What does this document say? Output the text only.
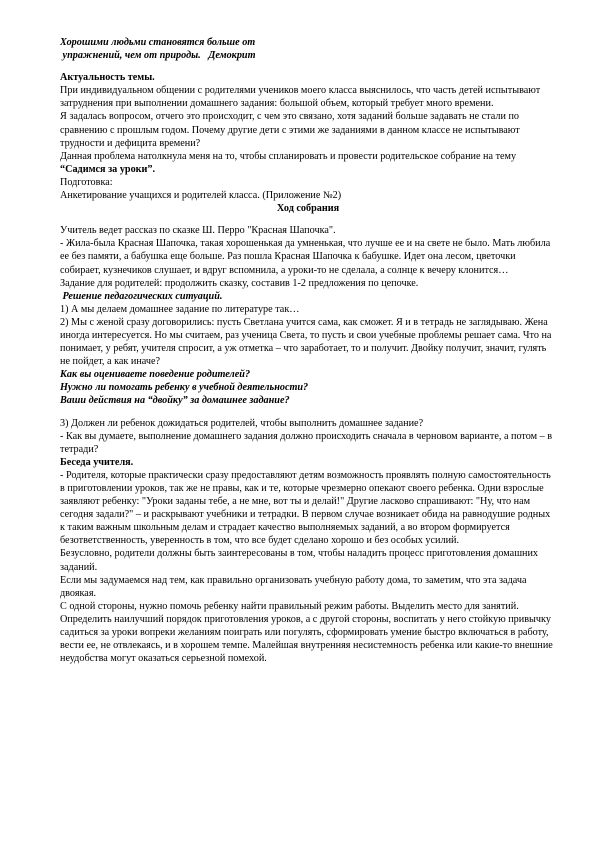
Хорошими людьми становятся больше от

упражнений, чем от природы. Демокрит

Актуальность темы.

При индивидуальном общении с родителями учеников моего класса выяснилось, что часть детей испытывают затруднения при выполнении домашнего задания: большой объем, который требует много времени.

Я задалась вопросом, отчего это происходит, с чем это связано, хотя заданий больше задавать не стали по сравнению с прошлым годом. Почему другие дети с этими же заданиями в данном классе не испытывают трудности и дефицита времени?

Данная проблема натолкнула меня на то, чтобы спланировать и провести родительское собрание на тему “Садимся за уроки”.

Подготовка:

Анкетирование учащихся и родителей класса. (Приложение №2)

Ход собрания

Учитель ведет рассказ по сказке Ш. Перро "Красная Шапочка".

- Жила-была Красная Шапочка, такая хорошенькая да умненькая, что лучше ее и на свете не было. Мать любила ее без памяти, а бабушка еще больше. Раз пошла Красная Шапочка к бабушке. Идет она лесом, цветочки собирает, кузнечиков слушает, и вдруг вспомнила, а уроки-то не сделала, а солнце к вечеру клонится…

Задание для родителей: продолжить сказку, составив 1-2 предложения по цепочке.

Решение педагогических ситуаций.

1) А мы делаем домашнее задание по литературе так…

2) Мы с женой сразу договорились: пусть Светлана учится сама, как сможет. Я и в тетрадь не заглядываю. Жена иногда интересуется. Но мы считаем, раз ученица Света, то пусть и свои учебные проблемы решает сама. Что на понимает, у ребят, учителя спросит, а уж отметка – что заработает, то и получит. Двойку получит, значит, гулять не пойдет, а как иначе?

Как вы оцениваете поведение родителей?

Нужно ли помогать ребенку в учебной деятельности?

Ваши действия на “двойку” за домашнее задание?

3) Должен ли ребенок дожидаться родителей, чтобы выполнить домашнее задание?

- Как вы думаете, выполнение домашнего задания должно происходить сначала в черновом варианте, а потом – в тетради?

Беседа учителя.

- Родителя, которые практически сразу предоставляют детям возможность проявлять полную самостоятельность в приготовлении уроков, так же не правы, как и те, которые чрезмерно опекают своего ребенка. Одни взрослые заявляют ребенку: "Уроки заданы тебе, а не мне, вот ты и делай!" Другие ласково спрашивают: "Ну, что нам сегодня задали?" – и раскрывают учебники и тетрадки. В первом случае возникает обида на равнодушие родных к таким важным школьным делам и страдает качество выполняемых заданий, а во втором формируется безответственность, уверенность в том, что все будет сделано хорошо и без особых усилий.

Безусловно, родители должны быть заинтересованы в том, чтобы наладить процесс приготовления домашних заданий.

Если мы задумаемся над тем, как правильно организовать учебную работу дома, то заметим, что эта задача двоякая.

С одной стороны, нужно помочь ребенку найти правильный режим работы. Выделить место для занятий. Определить наилучший порядок приготовления уроков, а с другой стороны, воспитать у него стойкую привычку садиться за уроки вопреки желаниям поиграть или погулять, сформировать умение быстро включаться в работу, вести ее, не отвлекаясь, и в хорошем темпе. Малейшая внутренняя несистемность ребенка или какие-то внешние неудобства могут оказаться серьезной помехой.
